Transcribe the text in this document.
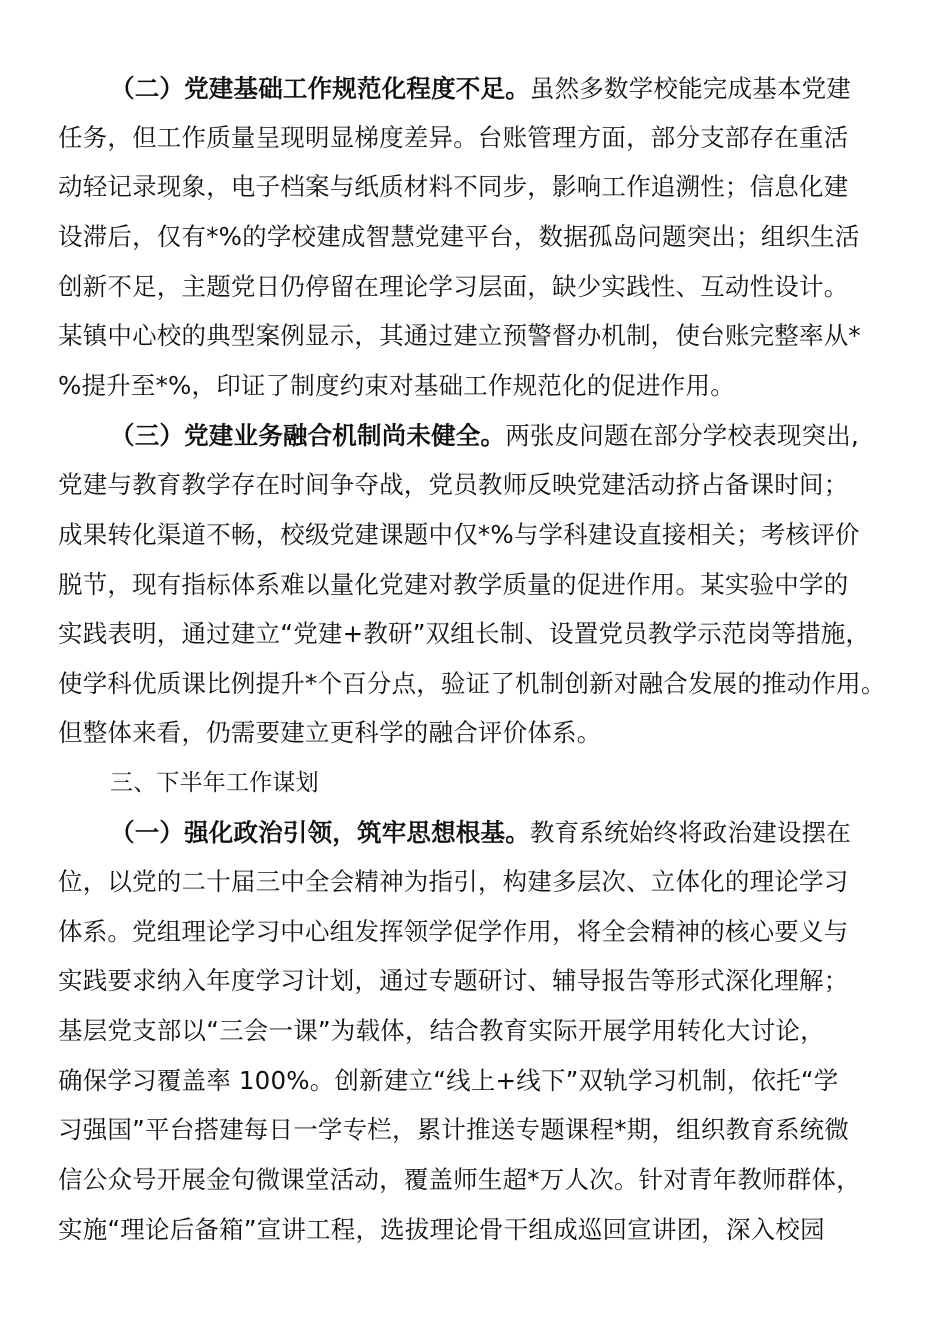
（二）党建基础工作规范化程度不足。虽然多数学校能完成基本党建
任务，但工作质量呈现明显梯度差异。台账管理方面，部分支部存在重活
动轻记录现象，电子档案与纸质材料不同步，影响工作追溯性；信息化建
设滞后，仅有*%的学校建成智慧党建平台，数据孤岛问题突出；组织生活
创新不足，主题党日仍停留在理论学习层面，缺少实践性、互动性设计。
某镇中心校的典型案例显示，其通过建立预警督办机制，使台账完整率从*
%提升至*%，印证了制度约束对基础工作规范化的促进作用。
（三）党建业务融合机制尚未健全。两张皮问题在部分学校表现突出,
党建与教育教学存在时间争夺战，党员教师反映党建活动挤占备课时间；
成果转化渠道不畅，校级党建课题中仅*%与学科建设直接相关；考核评价
脱节，现有指标体系难以量化党建对教学质量的促进作用。某实验中学的
实践表明，通过建立“党建+教研”双组长制、设置党员教学示范岗等措施，
使学科优质课比例提升*个百分点，验证了机制创新对融合发展的推动作用。
但整体来看，仍需要建立更科学的融合评价体系。
三、下半年工作谋划
（一）强化政治引领，筑牢思想根基。教育系统始终将政治建设摆在
位，以党的二十届三中全会精神为指引，构建多层次、立体化的理论学习
体系。党组理论学习中心组发挥领学促学作用，将全会精神的核心要义与
实践要求纳入年度学习计划，通过专题研讨、辅导报告等形式深化理解；
基层党支部以“三会一课”为载体，结合教育实际开展学用转化大讨论，
确保学习覆盖率 100%。创新建立“线上+线下”双轨学习机制，依托“学
习强国”平台搭建每日一学专栏，累计推送专题课程*期，组织教育系统微
信公众号开展金句微课堂活动，覆盖师生超*万人次。针对青年教师群体，
实施“理论后备箱”宣讲工程，选拔理论骨干组成巡回宣讲团，深入校园
